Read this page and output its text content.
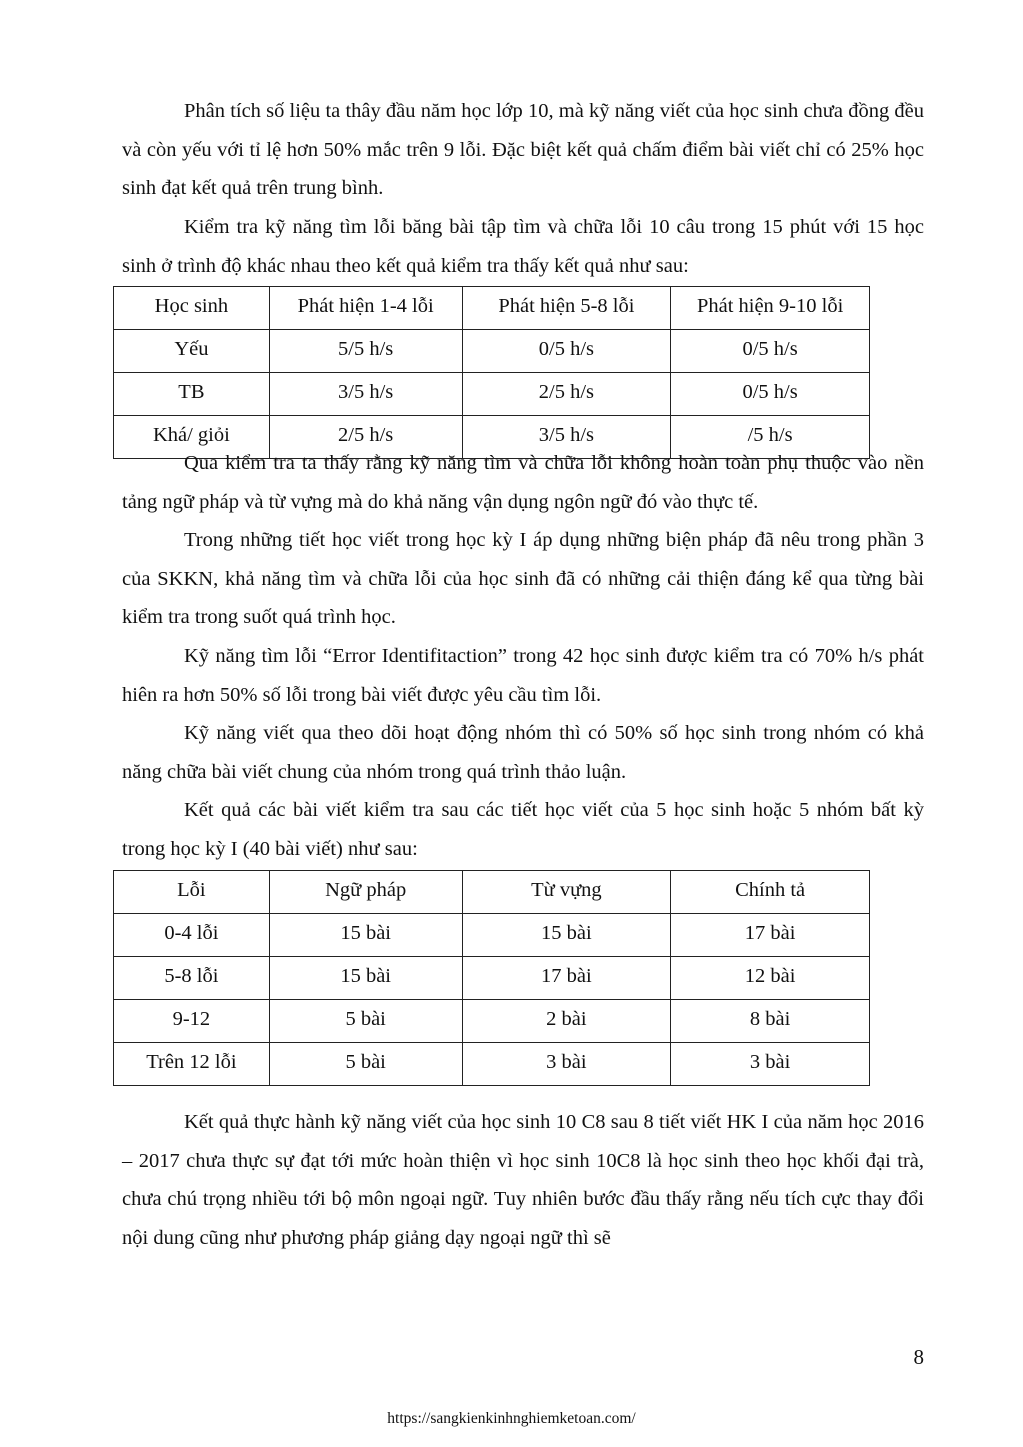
Phân tích số liệu ta thây đầu năm học lớp 10, mà kỹ năng viết của học sinh chưa đồng đều và còn yếu với tỉ lệ hơn 50% mắc trên 9 lỗi. Đặc biệt kết quả chấm điểm bài viết chỉ có 25% học sinh đạt kết quả trên trung bình.

Kiểm tra kỹ năng tìm lỗi băng bài tập tìm và chữa lỗi 10 câu trong 15 phút với 15 học sinh ở trình độ khác nhau theo kết quả kiểm tra thấy kết quả như sau:

Học sinh	Phát hiện 1-4 lỗi	Phát hiện 5-8 lỗi	Phát hiện 9-10 lỗi
Yếu	5/5 h/s	0/5 h/s	0/5 h/s
TB	3/5 h/s	2/5 h/s	0/5 h/s
Khá/ giỏi	2/5 h/s	3/5 h/s	/5 h/s

Qua kiểm tra ta thấy rằng kỹ năng tìm và chữa lỗi không hoàn toàn phụ thuộc vào nền tảng ngữ pháp và từ vựng mà do khả năng vận dụng ngôn ngữ đó vào thực tế.

Trong những tiết học viết trong học kỳ I áp dụng những biện pháp đã nêu trong phần 3 của SKKN, khả năng tìm và chữa lỗi của học sinh đã có những cải thiện đáng kể qua từng bài kiểm tra trong suốt quá trình học.

Kỹ năng tìm lỗi “Error Identifitaction” trong 42 học sinh được kiểm tra có 70% h/s phát hiên ra hơn 50% số lỗi trong bài viết được yêu cầu tìm lỗi.

Kỹ năng viết qua theo dõi hoạt động nhóm thì có 50% số học sinh trong nhóm có khả năng chữa bài viết chung của nhóm trong quá trình thảo luận.

Kết quả các bài viết kiểm tra sau các tiết học viết của 5 học sinh hoặc 5 nhóm bất kỳ trong học kỳ I (40 bài viết) như sau:

Lỗi	Ngữ pháp	Từ vựng	Chính tả
0-4 lỗi	15 bài	15 bài	17 bài
5-8 lỗi	15 bài	17 bài	12 bài
9-12	5 bài	2 bài	8 bài
Trên 12 lỗi	5 bài	3 bài	3 bài

Kết quả thực hành kỹ năng viết của học sinh 10 C8 sau 8 tiết viết HK I của năm học 2016 – 2017 chưa thực sự đạt tới mức hoàn thiện vì học sinh 10C8 là học sinh theo học khối đại trà, chưa chú trọng nhiều tới bộ môn ngoại ngữ. Tuy nhiên bước đầu thấy rằng nếu tích cực thay đổi nội dung cũng như phương pháp giảng dạy ngoại ngữ thì sẽ

8
https://sangkienkinhnghiemketoan.com/
